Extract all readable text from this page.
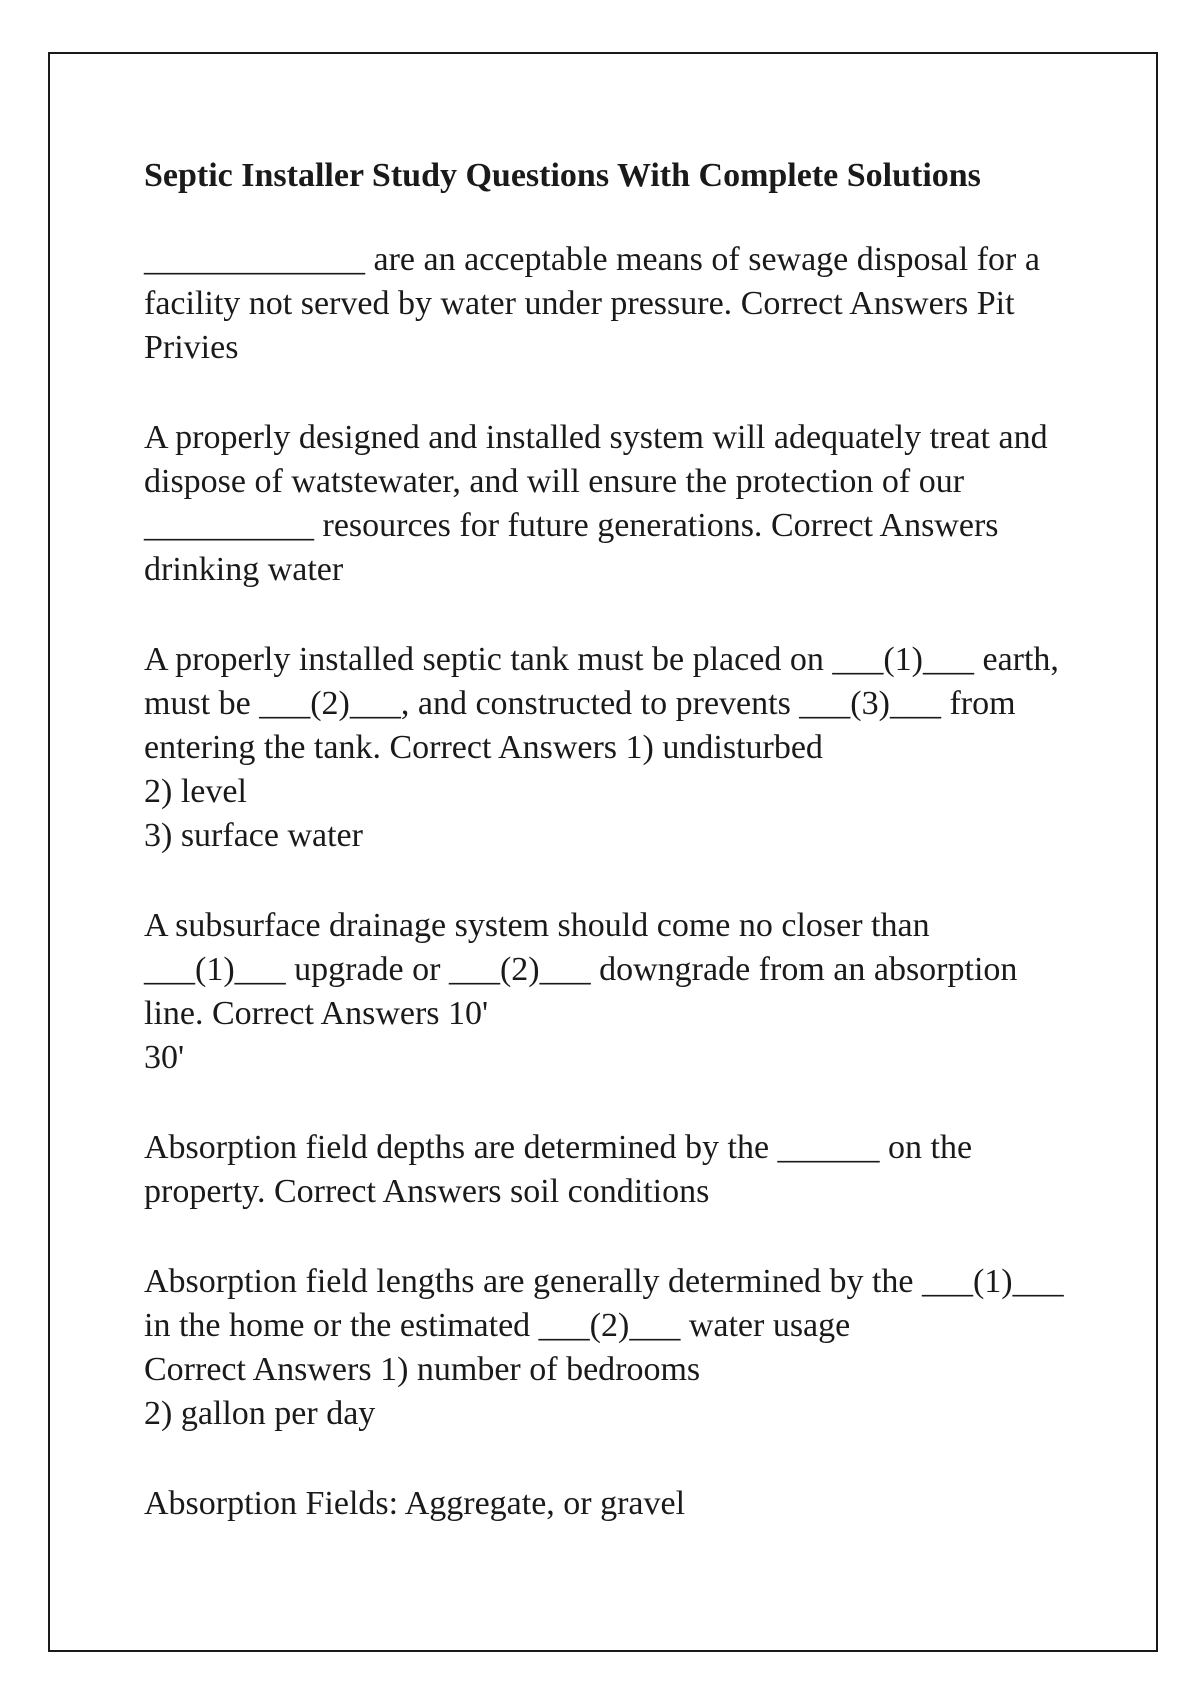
Septic Installer Study Questions With Complete Solutions
_____________ are an acceptable means of sewage disposal for a facility not served by water under pressure. Correct Answers Pit Privies
A properly designed and installed system will adequately treat and dispose of watstewater, and will ensure the protection of our __________ resources for future generations. Correct Answers drinking water
A properly installed septic tank must be placed on ___(1)___ earth, must be ___(2)___, and constructed to prevents ___(3)___ from entering the tank. Correct Answers 1) undisturbed
2) level
3) surface water
A subsurface drainage system should come no closer than ___(1)___ upgrade or ___(2)___ downgrade from an absorption line. Correct Answers 10'
30'
Absorption field depths are determined by the ______ on the property. Correct Answers soil conditions
Absorption field lengths are generally determined by the ___(1)___ in the home or the estimated ___(2)___ water usage
Correct Answers 1) number of bedrooms
2) gallon per day
Absorption Fields: Aggregate, or gravel
